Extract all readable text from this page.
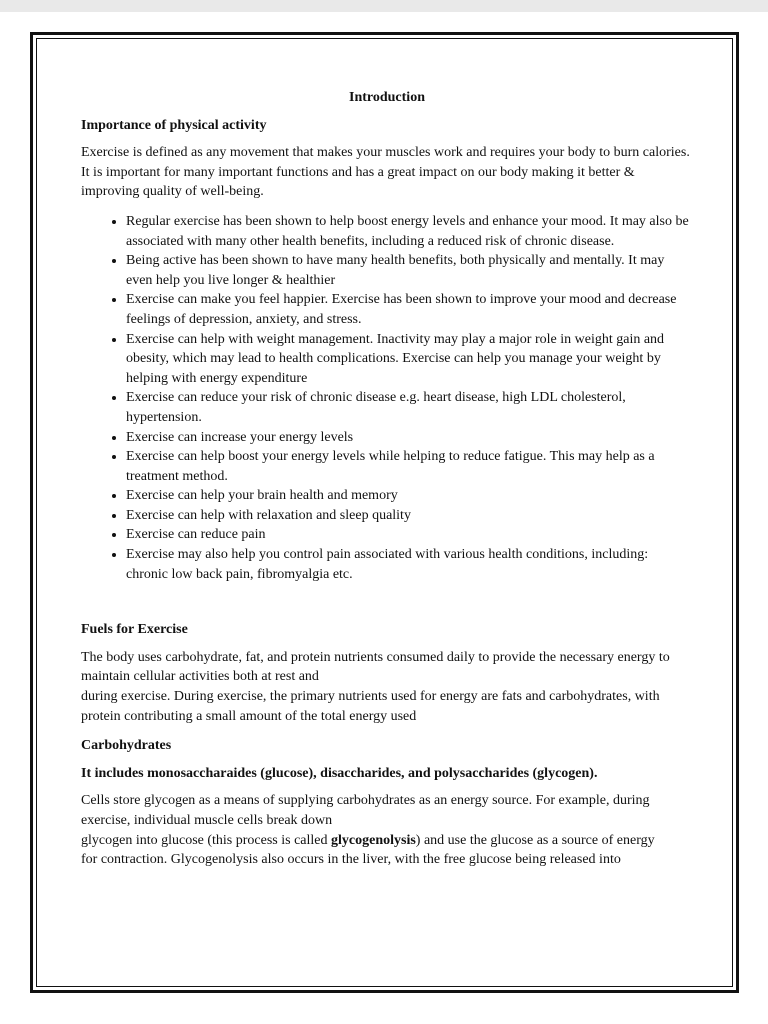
Introduction
Importance of physical activity
Exercise is defined as any movement that makes your muscles work and requires your body to burn calories. It is important for many important functions and has a great impact on our body making it better & improving quality of well-being.
• Regular exercise has been shown to help boost energy levels and enhance your mood. It may also be associated with many other health benefits, including a reduced risk of chronic disease.
• Being active has been shown to have many health benefits, both physically and mentally. It may even help you live longer & healthier
• Exercise can make you feel happier. Exercise has been shown to improve your mood and decrease feelings of depression, anxiety, and stress.
• Exercise can help with weight management. Inactivity may play a major role in weight gain and obesity, which may lead to health complications. Exercise can help you manage your weight by helping with energy expenditure
• Exercise can reduce your risk of chronic disease e.g. heart disease, high LDL cholesterol, hypertension.
• Exercise can increase your energy levels
• Exercise can help boost your energy levels while helping to reduce fatigue. This may help as a treatment method.
• Exercise can help your brain health and memory
• Exercise can help with relaxation and sleep quality
• Exercise can reduce pain
• Exercise may also help you control pain associated with various health conditions, including: chronic low back pain, fibromyalgia etc.
Fuels for Exercise
The body uses carbohydrate, fat, and protein nutrients consumed daily to provide the necessary energy to maintain cellular activities both at rest and
during exercise. During exercise, the primary nutrients used for energy are fats and carbohydrates, with
protein contributing a small amount of the total energy used
Carbohydrates
It includes monosaccharaides (glucose), disaccharides, and polysaccharides (glycogen).
Cells store glycogen as a means of supplying carbohydrates as an energy source. For example, during exercise, individual muscle cells break down
glycogen into glucose (this process is called glycogenolysis) and use the glucose as a source of energy
for contraction. Glycogenolysis also occurs in the liver, with the free glucose being released into
